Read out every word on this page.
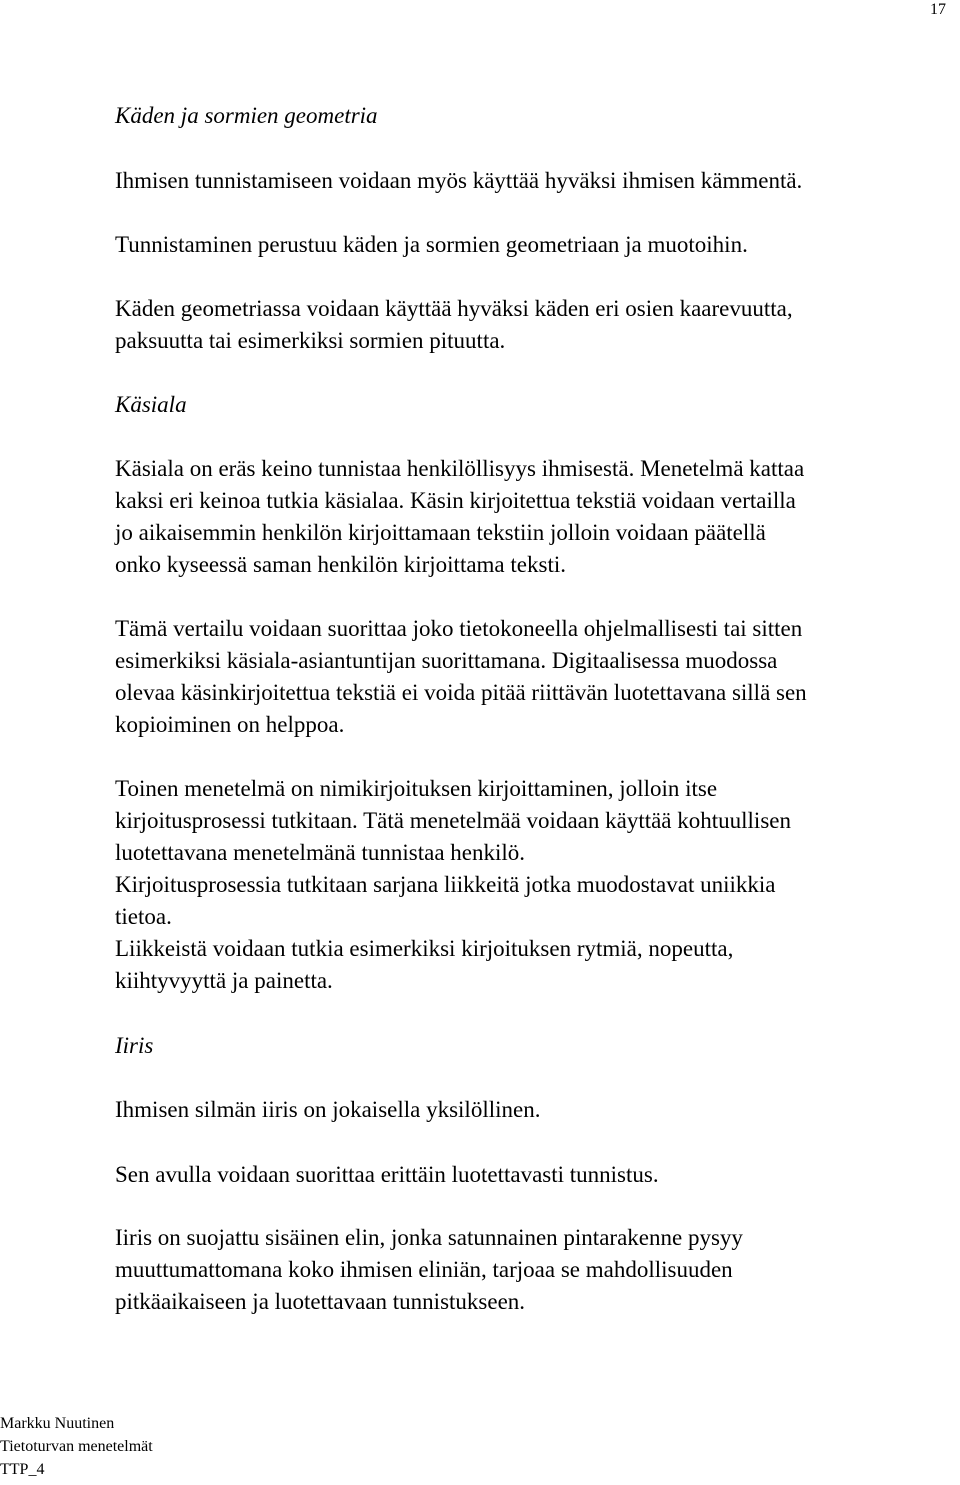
17
Käden ja sormien geometria
Ihmisen tunnistamiseen voidaan myös käyttää hyväksi ihmisen kämmentä.
Tunnistaminen perustuu käden ja sormien geometriaan ja muotoihin.
Käden geometriassa voidaan käyttää hyväksi käden eri osien kaarevuutta,
paksuutta tai esimerkiksi sormien pituutta.
Käsiala
Käsiala on eräs keino tunnistaa henkilöllisyys ihmisestä. Menetelmä kattaa
kaksi eri keinoa tutkia käsialaa. Käsin kirjoitettua tekstiä voidaan vertailla
jo aikaisemmin henkilön kirjoittamaan tekstiin jolloin voidaan päätellä
onko kyseessä saman henkilön kirjoittama teksti.
Tämä vertailu voidaan suorittaa joko tietokoneella ohjelmallisesti tai sitten
esimerkiksi käsiala-asiantuntijan suorittamana. Digitaalisessa muodossa
olevaa käsinkirjoitettua tekstiä ei voida pitää riittävän luotettavana sillä sen
kopioiminen on helppoa.
Toinen menetelmä on nimikirjoituksen kirjoittaminen, jolloin itse
kirjoitusprosessi tutkitaan. Tätä menetelmää voidaan käyttää kohtuullisen
luotettavana menetelmänä tunnistaa henkilö.
Kirjoitusprosessia tutkitaan sarjana liikkeitä jotka muodostavat uniikkia
tietoa.
Liikkeistä voidaan tutkia esimerkiksi kirjoituksen rytmiä, nopeutta,
kiihtyvyyttä ja painetta.
Iiris
Ihmisen silmän iiris on jokaisella yksilöllinen.
Sen avulla voidaan suorittaa erittäin luotettavasti tunnistus.
Iiris on suojattu sisäinen elin, jonka satunnainen pintarakenne pysyy
muuttumattomana koko ihmisen eliniän, tarjoaa se mahdollisuuden
pitkäaikaiseen ja luotettavaan tunnistukseen.
Markku Nuutinen
Tietoturvan menetelmät
TTP_4
